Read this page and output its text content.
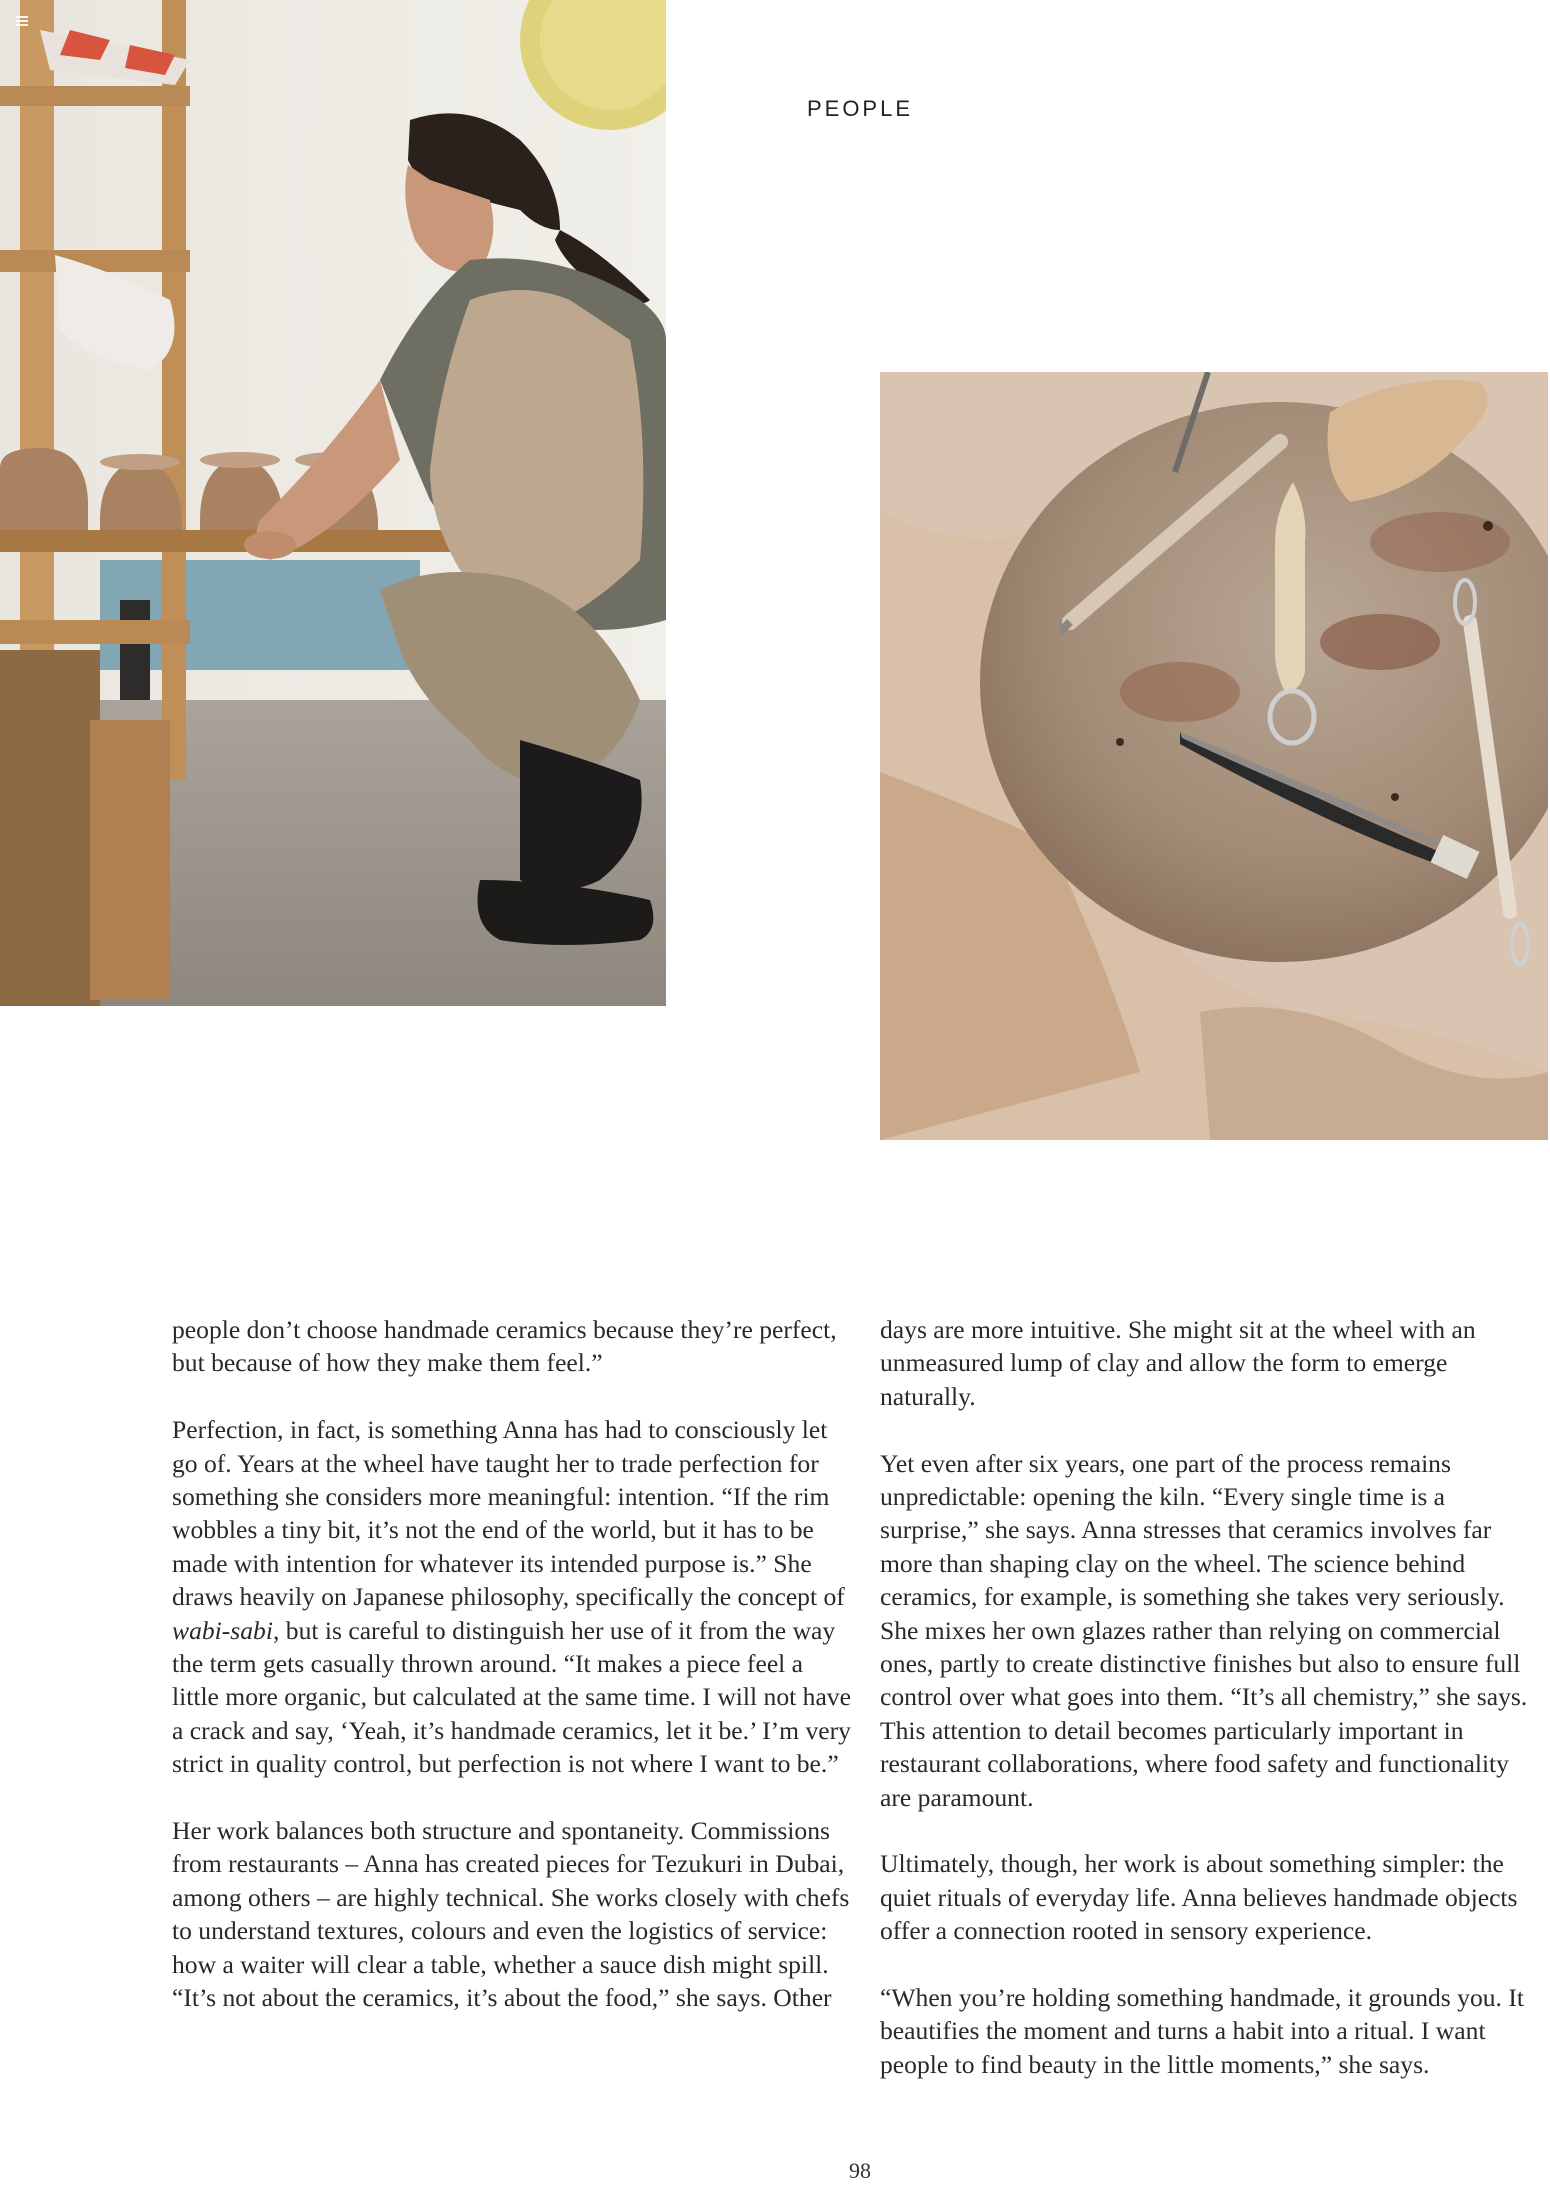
PEOPLE

people don’t choose handmade ceramics because they’re perfect, but because of how they make them feel.”

Perfection, in fact, is something Anna has had to consciously let go of. Years at the wheel have taught her to trade perfection for something she considers more meaningful: intention. “If the rim wobbles a tiny bit, it’s not the end of the world, but it has to be made with intention for whatever its intended purpose is.” She draws heavily on Japanese philosophy, specifically the concept of wabi-sabi, but is careful to distinguish her use of it from the way the term gets casually thrown around. “It makes a piece feel a little more organic, but calculated at the same time. I will not have a crack and say, ‘Yeah, it’s handmade ceramics, let it be.’ I’m very strict in quality control, but perfection is not where I want to be.”

Her work balances both structure and spontaneity. Commissions from restaurants – Anna has created pieces for Tezukuri in Dubai, among others – are highly technical. She works closely with chefs to understand textures, colours and even the logistics of service: how a waiter will clear a table, whether a sauce dish might spill. “It’s not about the ceramics, it’s about the food,” she says. Other

days are more intuitive. She might sit at the wheel with an unmeasured lump of clay and allow the form to emerge naturally.

Yet even after six years, one part of the process remains unpredictable: opening the kiln. “Every single time is a surprise,” she says. Anna stresses that ceramics involves far more than shaping clay on the wheel. The science behind ceramics, for example, is something she takes very seriously. She mixes her own glazes rather than relying on commercial ones, partly to create distinctive finishes but also to ensure full control over what goes into them. “It’s all chemistry,” she says. This attention to detail becomes particularly important in restaurant collaborations, where food safety and functionality are paramount.

Ultimately, though, her work is about something simpler: the quiet rituals of everyday life. Anna believes handmade objects offer a connection rooted in sensory experience.

“When you’re holding something handmade, it grounds you. It beautifies the moment and turns a habit into a ritual. I want people to find beauty in the little moments,” she says.

98
